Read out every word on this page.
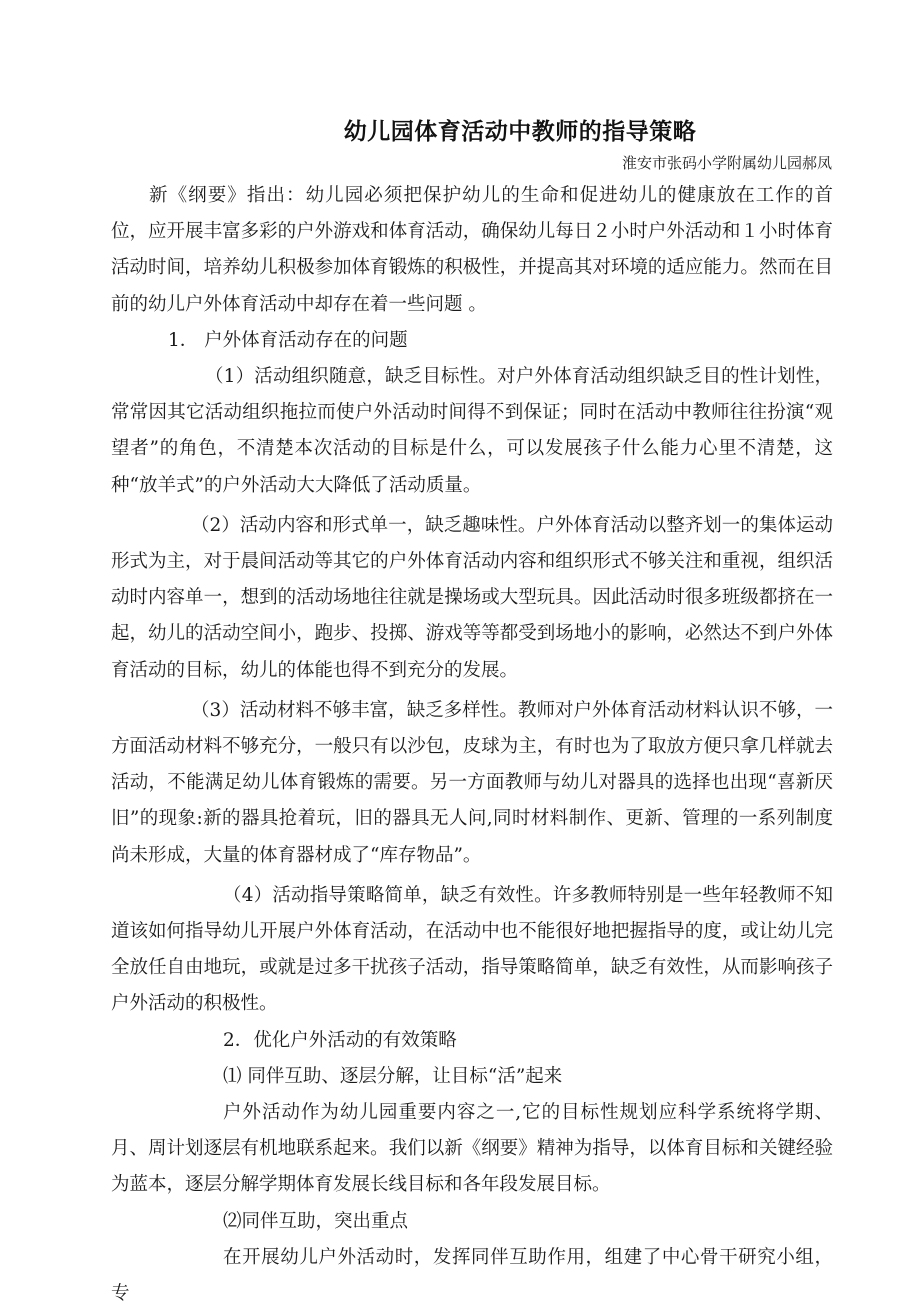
幼儿园体育活动中教师的指导策略
淮安市张码小学附属幼儿园郝凤

新《纲要》指出：幼儿园必须把保护幼儿的生命和促进幼儿的健康放在工作的首位，应开展丰富多彩的户外游戏和体育活动，确保幼儿每日２小时户外活动和１小时体育活动时间，培养幼儿积极参加体育锻炼的积极性，并提高其对环境的适应能力。然而在目前的幼儿户外体育活动中却存在着一些问题 。

1． 户外体育活动存在的问题

（1）活动组织随意，缺乏目标性。对户外体育活动组织缺乏目的性计划性，常常因其它活动组织拖拉而使户外活动时间得不到保证；同时在活动中教师往往扮演“观望者”的角色，不清楚本次活动的目标是什么，可以发展孩子什么能力心里不清楚，这种“放羊式”的户外活动大大降低了活动质量。

（2）活动内容和形式单一，缺乏趣味性。户外体育活动以整齐划一的集体运动形式为主，对于晨间活动等其它的户外体育活动内容和组织形式不够关注和重视，组织活动时内容单一，想到的活动场地往往就是操场或大型玩具。因此活动时很多班级都挤在一起，幼儿的活动空间小，跑步、投掷、游戏等等都受到场地小的影响，必然达不到户外体育活动的目标，幼儿的体能也得不到充分的发展。

（3）活动材料不够丰富，缺乏多样性。教师对户外体育活动材料认识不够，一方面活动材料不够充分，一般只有以沙包，皮球为主，有时也为了取放方便只拿几样就去活动，不能满足幼儿体育锻炼的需要。另一方面教师与幼儿对器具的选择也出现“喜新厌旧”的现象:新的器具抢着玩，旧的器具无人问,同时材料制作、更新、管理的一系列制度尚未形成，大量的体育器材成了“库存物品”。

（4）活动指导策略简单，缺乏有效性。许多教师特别是一些年轻教师不知道该如何指导幼儿开展户外体育活动，在活动中也不能很好地把握指导的度，或让幼儿完全放任自由地玩，或就是过多干扰孩子活动，指导策略简单，缺乏有效性，从而影响孩子户外活动的积极性。

2．优化户外活动的有效策略

⑴ 同伴互助、逐层分解，让目标“活”起来

户外活动作为幼儿园重要内容之一,它的目标性规划应科学系统将学期、月、周计划逐层有机地联系起来。我们以新《纲要》精神为指导，以体育目标和关键经验为蓝本，逐层分解学期体育发展长线目标和各年段发展目标。

⑵同伴互助，突出重点

在开展幼儿户外活动时，发挥同伴互助作用，组建了中心骨干研究小组，专
